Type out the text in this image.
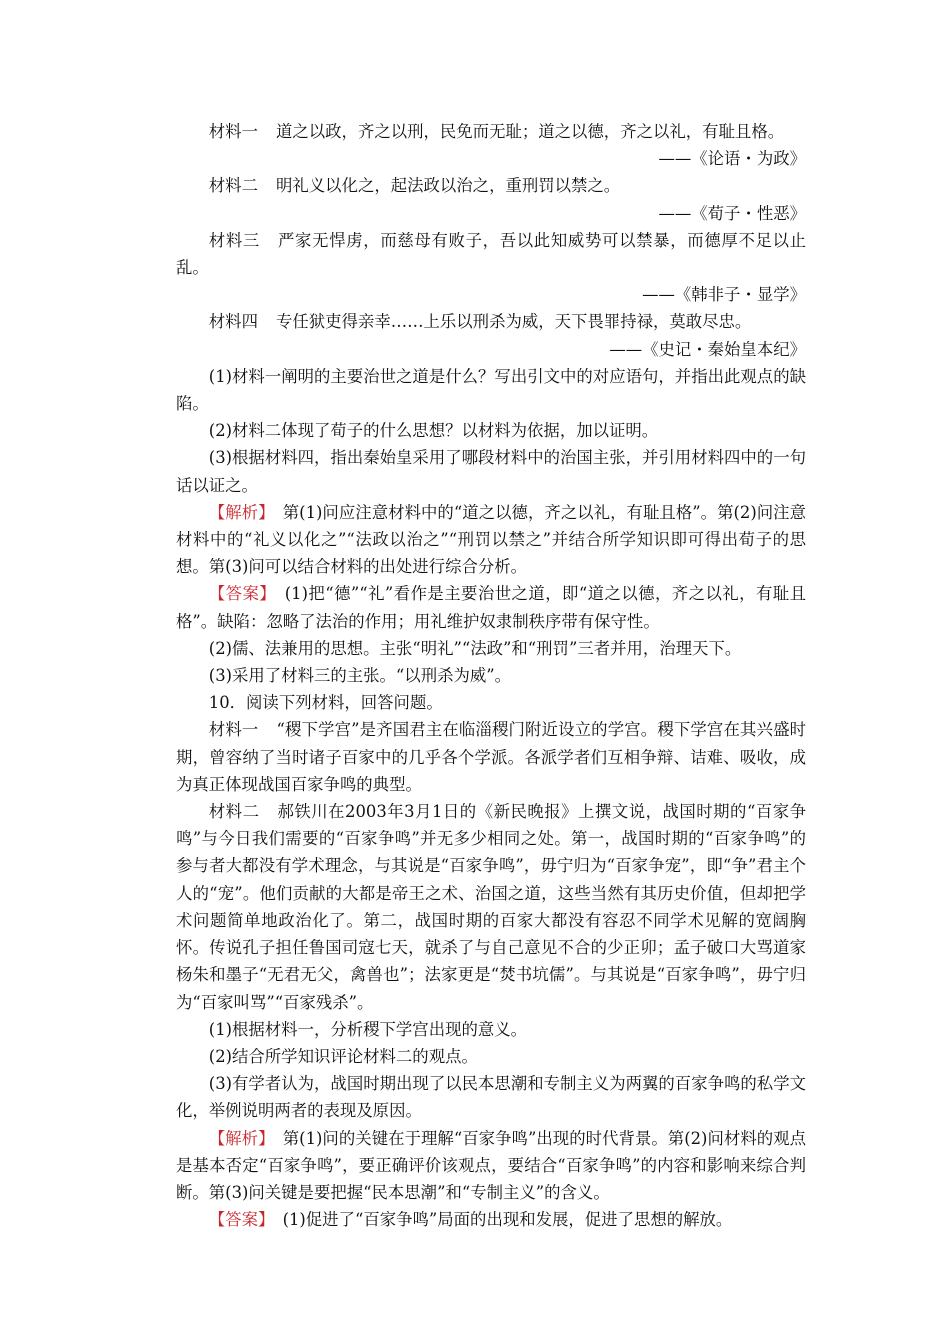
材料一 道之以政，齐之以刑，民免而无耻；道之以德，齐之以礼，有耻且格。

——《论语・为政》

材料二 明礼义以化之，起法政以治之，重刑罚以禁之。

——《荀子・性恶》

材料三 严家无悍虏，而慈母有败子，吾以此知威势可以禁暴，而德厚不足以止乱。

——《韩非子・显学》

材料四 专任狱吏得亲幸……上乐以刑杀为威，天下畏罪持禄，莫敢尽忠。

——《史记・秦始皇本纪》

(1)材料一阐明的主要治世之道是什么？写出引文中的对应语句，并指出此观点的缺陷。

(2)材料二体现了荀子的什么思想？以材料为依据，加以证明。

(3)根据材料四，指出秦始皇采用了哪段材料中的治国主张，并引用材料四中的一句话以证之。

【解析】　 第(1)问应注意材料中的“道之以德，齐之以礼，有耻且格”。第(2)问注意材料中的“礼义以化之”“法政以治之”“刑罚以禁之”并结合所学知识即可得出荀子的思想。第(3)问可以结合材料的出处进行综合分析。

【答案】　 (1)把“德”“礼”看作是主要治世之道，即“道之以德，齐之以礼，有耻且格”。缺陷：忽略了法治的作用；用礼维护奴隶制秩序带有保守性。

(2)儒、法兼用的思想。主张“明礼”“法政”和“刑罚”三者并用，治理天下。

(3)采用了材料三的主张。“以刑杀为威”。

10．阅读下列材料，回答问题。

材料一 “稷下学宫”是齐国君主在临淄稷门附近设立的学宫。稷下学宫在其兴盛时期，曾容纳了当时诸子百家中的几乎各个学派。各派学者们互相争辩、诘难、吸收，成为真正体现战国百家争鸣的典型。

材料二 郝铁川在2003年3月1日的《新民晚报》上撰文说，战国时期的“百家争鸣”与今日我们需要的“百家争鸣”并无多少相同之处。第一，战国时期的“百家争鸣”的参与者大都没有学术理念，与其说是“百家争鸣”，毋宁归为“百家争宠”，即“争”君主个人的“宠”。他们贡献的大都是帝王之术、治国之道，这些当然有其历史价值，但却把学术问题简单地政治化了。第二，战国时期的百家大都没有容忍不同学术见解的宽阔胸怀。传说孔子担任鲁国司寇七天，就杀了与自己意见不合的少正卯；孟子破口大骂道家杨朱和墨子“无君无父，禽兽也”；法家更是“焚书坑儒”。与其说是“百家争鸣”，毋宁归为“百家叫骂”“百家残杀”。

(1)根据材料一，分析稷下学宫出现的意义。

(2)结合所学知识评论材料二的观点。

(3)有学者认为，战国时期出现了以民本思潮和专制主义为两翼的百家争鸣的私学文化，举例说明两者的表现及原因。

【解析】　 第(1)问的关键在于理解“百家争鸣”出现的时代背景。第(2)问材料的观点是基本否定“百家争鸣”，要正确评价该观点，要结合“百家争鸣”的内容和影响来综合判断。第(3)问关键是要把握“民本思潮”和“专制主义”的含义。

【答案】　 (1)促进了“百家争鸣”局面的出现和发展，促进了思想的解放。
